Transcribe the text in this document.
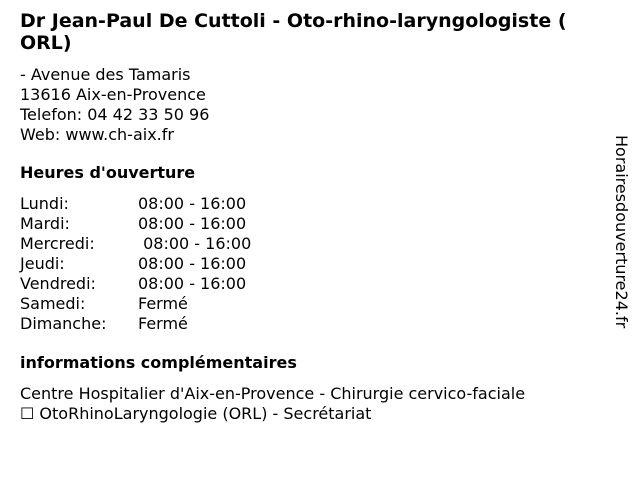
Dr Jean-Paul De Cuttoli - Oto-rhino-laryngologiste ( ORL)
- Avenue des Tamaris
13616 Aix-en-Provence
Telefon: 04 42 33 50 96
Web: www.ch-aix.fr
Heures d'ouverture
Lundi:	08:00 - 16:00
Mardi:	08:00 - 16:00
Mercredi:	08:00 - 16:00
Jeudi:	08:00 - 16:00
Vendredi:	08:00 - 16:00
Samedi:	Fermé
Dimanche:	Fermé
informations complémentaires
Centre Hospitalier d'Aix-en-Provence - Chirurgie cervico-faciale
☐ OtoRhinoLaryngologie (ORL) - Secrétariat
Horairesdouverture24.fr
